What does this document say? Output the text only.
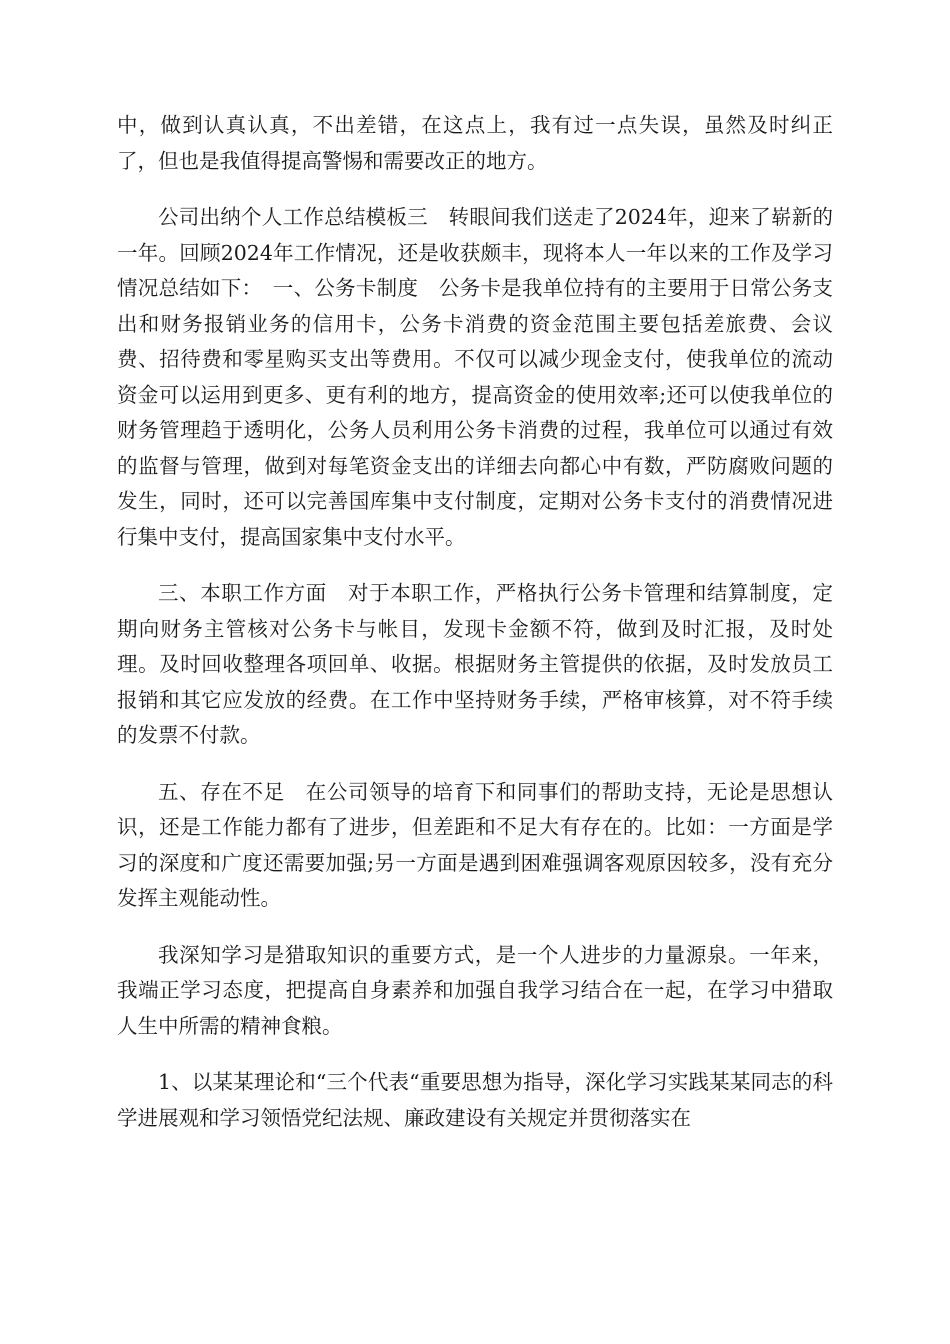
中，做到认真认真，不出差错，在这点上，我有过一点失误，虽然及时纠正了，但也是我值得提高警惕和需要改正的地方。

公司出纳个人工作总结模板三　转眼间我们送走了2024年，迎来了崭新的一年。回顾2024年工作情况，还是收获颇丰，现将本人一年以来的工作及学习情况总结如下：　一、公务卡制度　公务卡是我单位持有的主要用于日常公务支出和财务报销业务的信用卡，公务卡消费的资金范围主要包括差旅费、会议费、招待费和零星购买支出等费用。不仅可以减少现金支付，使我单位的流动资金可以运用到更多、更有利的地方，提高资金的使用效率;还可以使我单位的财务管理趋于透明化，公务人员利用公务卡消费的过程，我单位可以通过有效的监督与管理，做到对每笔资金支出的详细去向都心中有数，严防腐败问题的发生，同时，还可以完善国库集中支付制度，定期对公务卡支付的消费情况进行集中支付，提高国家集中支付水平。

三、本职工作方面　对于本职工作，严格执行公务卡管理和结算制度，定期向财务主管核对公务卡与帐目，发现卡金额不符，做到及时汇报，及时处理。及时回收整理各项回单、收据。根据财务主管提供的依据，及时发放员工报销和其它应发放的经费。在工作中坚持财务手续，严格审核算，对不符手续的发票不付款。

五、存在不足　在公司领导的培育下和同事们的帮助支持，无论是思想认识，还是工作能力都有了进步，但差距和不足大有存在的。比如：一方面是学习的深度和广度还需要加强;另一方面是遇到困难强调客观原因较多，没有充分发挥主观能动性。

我深知学习是猎取知识的重要方式，是一个人进步的力量源泉。一年来，我端正学习态度，把提高自身素养和加强自我学习结合在一起，在学习中猎取人生中所需的精神食粮。

1、以某某理论和“三个代表“重要思想为指导，深化学习实践某某同志的科学进展观和学习领悟党纪法规、廉政建设有关规定并贯彻落实在
